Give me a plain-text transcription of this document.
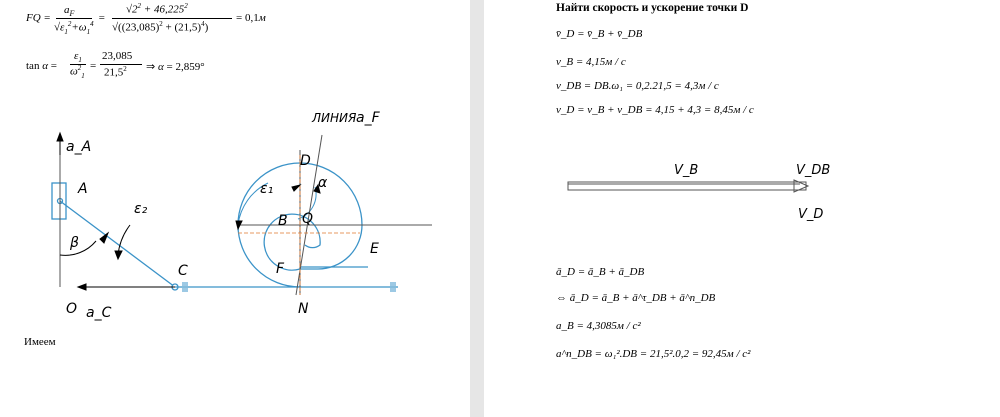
FQ =
$a_F$
$√\varepsilon_1^2+\omega_1^4$ =
$√2^2 + 46,225^2$
$√((23,085)^2 + (21,5)^4)$
= 0,1м
tan α =
$\varepsilon_1$
$\omega^2_1$
=
23,085
21,5$^2$ ⇒ α = 2,859°
a_A
A
β
ε₂
C
O a_C
ЛИНИЯ a_F
D
ε₁	α
B Q
E
F
N
Имеем
Найти скорость и ускорение точки D
v̄_D = v̄_B + v̄_DB
v_B = 4,15м / с
v_DB = DB.ω₁ = 0,2.21,5 = 4,3м / с
v_D = v_B + v_DB = 4,15 + 4,3 = 8,45м / с
V_B	V_DB
V_D
ā_D = ā_B + ā_DB
⇔ ā_D = ā_B + ā^τ_DB + ā^n_DB
a_B = 4,3085м / с²
a^n_DB = ω₁².DB = 21,5².0,2 = 92,45м / с²
